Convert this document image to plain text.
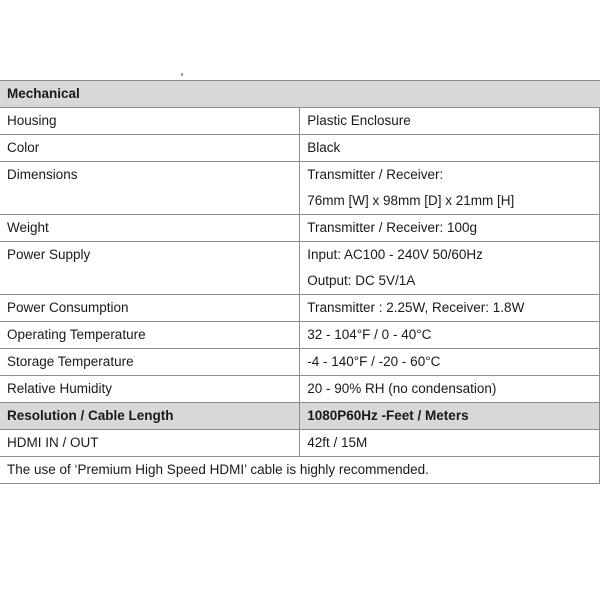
Mechanical	
Housing	Plastic Enclosure

Color	Black

Dimensions	Transmitter / Receiver:
76mm [W] x 98mm [D] x 21mm [H]

Weight	Transmitter / Receiver: 100g

Power Supply	Input: AC100 - 240V 50/60Hz
Output: DC 5V/1A

Power Consumption	Transmitter : 2.25W, Receiver: 1.8W

Operating Temperature	32 - 104°F / 0 - 40°C

Storage Temperature	-4 - 140°F / -20 - 60°C

Relative Humidity	20 - 90% RH (no condensation)

Resolution / Cable Length	1080P60Hz -Feet / Meters
HDMI IN / OUT	42ft / 15M

The use of ‘Premium High Speed HDMI’ cable is highly recommended.	
